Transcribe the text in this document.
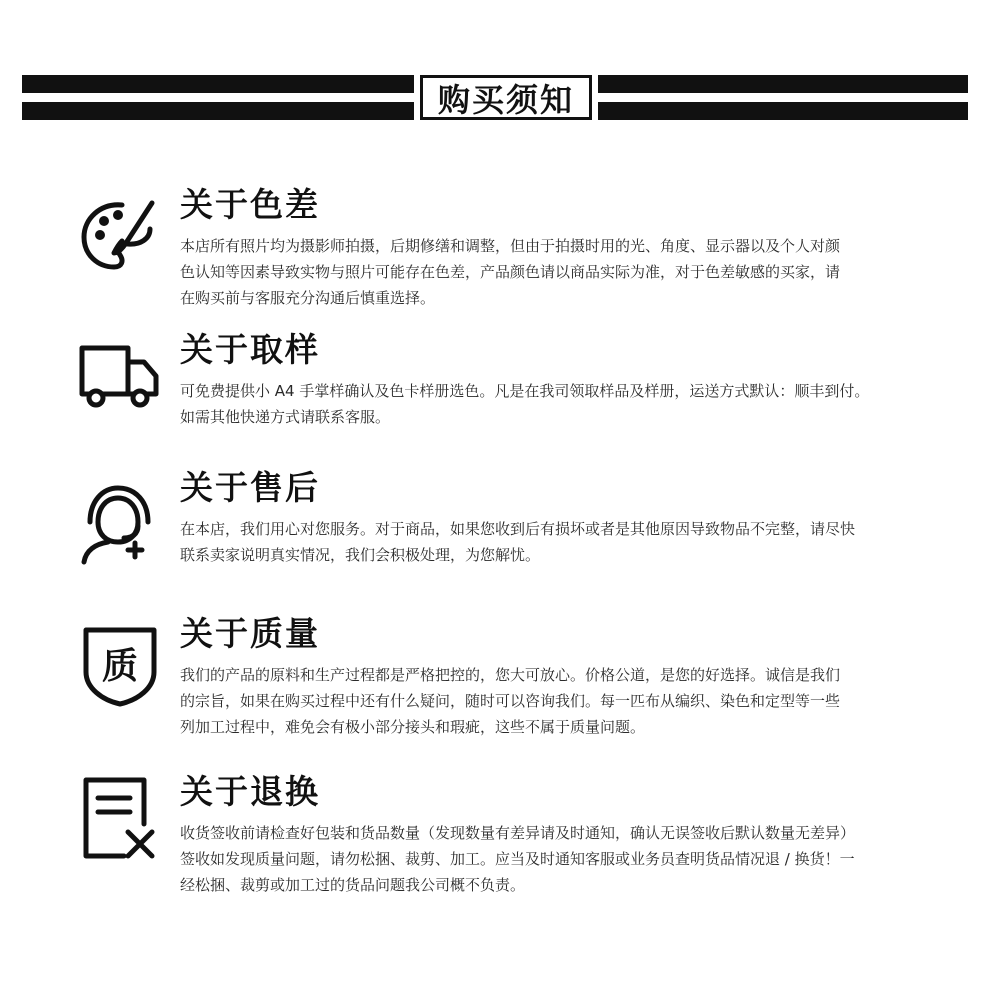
购买须知
关于色差

本店所有照片均为摄影师拍摄，后期修缮和调整，但由于拍摄时用的光、角度、显示器以及个人对颜

色认知等因素导致实物与照片可能存在色差，产品颜色请以商品实际为准，对于色差敏感的买家，请

在购买前与客服充分沟通后慎重选择。

关于取样

可免费提供小 A4 手掌样确认及色卡样册选色。凡是在我司领取样品及样册，运送方式默认：顺丰到付。

如需其他快递方式请联系客服。

关于售后

在本店，我们用心对您服务。对于商品，如果您收到后有损坏或者是其他原因导致物品不完整，请尽快

联系卖家说明真实情况，我们会积极处理，为您解忧。

质
关于质量

我们的产品的原料和生产过程都是严格把控的，您大可放心。价格公道，是您的好选择。诚信是我们

的宗旨，如果在购买过程中还有什么疑问，随时可以咨询我们。每一匹布从编织、染色和定型等一些

列加工过程中，难免会有极小部分接头和瑕疵，这些不属于质量问题。

关于退换

收货签收前请检查好包装和货品数量（发现数量有差异请及时通知，确认无误签收后默认数量无差异）

签收如发现质量问题，请勿松捆、裁剪、加工。应当及时通知客服或业务员查明货品情况退 / 换货！一

经松捆、裁剪或加工过的货品问题我公司概不负责。
